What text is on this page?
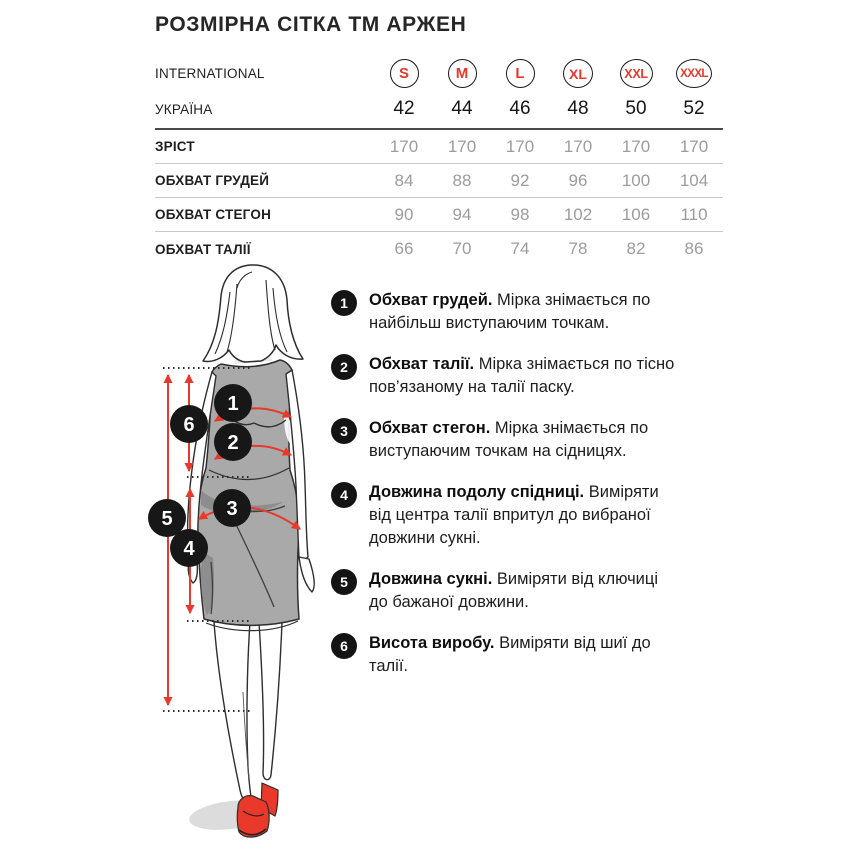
РОЗМІРНА СІТКА ТМ АРЖЕН
INTERNATIONAL	S	M	L	XL	XXL	XXXL
УКРАЇНА	42	44	46	48	50	52
ЗРІСТ	170	170	170	170	170	170
ОБХВАТ ГРУДЕЙ	84	88	92	96	100	104
ОБХВАТ СТЕГОН	90	94	98	102	106	110
ОБХВАТ ТАЛІЇ	66	70	74	78	82	86
1
2
3
4
5
6
1	Обхват грудей. Мірка знімається по найбільш виступаючим точкам.
2	Обхват талії. Мірка знімається по тісно пов’язаному на талії паску.
3	Обхват стегон. Мірка знімається по виступаючим точкам на сідницях.
4	Довжина подолу спідниці. Виміряти від центра талії впритул до вибраної довжини сукні.
5	Довжина сукні. Виміряти від ключиці до бажаної довжини.
6	Висота виробу. Виміряти від шиї до талії.
